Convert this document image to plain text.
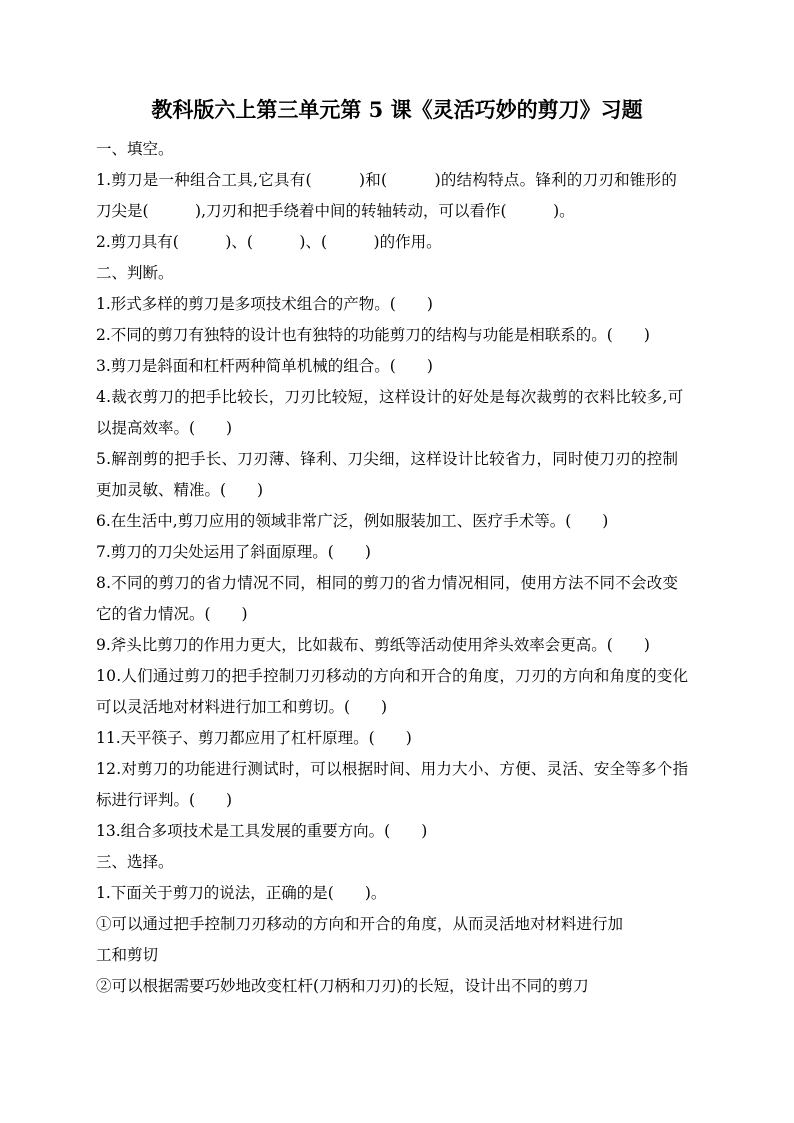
教科版六上第三单元第 5 课《灵活巧妙的剪刀》习题
一、填空。
1.剪刀是一种组合工具,它具有(　　　)和(　　　)的结构特点。锋利的刀刃和锥形的
刀尖是(　　　),刀刃和把手绕着中间的转轴转动，可以看作(　　　)。
2.剪刀具有(　　　)、(　　　)、(　　　)的作用。
二、判断。
1.形式多样的剪刀是多项技术组合的产物。(　　)
2.不同的剪刀有独特的设计也有独特的功能剪刀的结构与功能是相联系的。(　　)
3.剪刀是斜面和杠杆两种简单机械的组合。(　　)
4.裁衣剪刀的把手比较长，刀刃比较短，这样设计的好处是每次裁剪的衣料比较多,可
以提高效率。(　　)
5.解剖剪的把手长、刀刃薄、锋利、刀尖细，这样设计比较省力，同时使刀刃的控制
更加灵敏、精准。(　　)
6.在生活中,剪刀应用的领域非常广泛，例如服装加工、医疗手术等。(　　)
7.剪刀的刀尖处运用了斜面原理。(　　)
8.不同的剪刀的省力情况不同，相同的剪刀的省力情况相同，使用方法不同不会改变
它的省力情况。(　　)
9.斧头比剪刀的作用力更大，比如裁布、剪纸等活动使用斧头效率会更高。(　　)
10.人们通过剪刀的把手控制刀刃移动的方向和开合的角度，刀刃的方向和角度的变化
可以灵活地对材料进行加工和剪切。(　　)
11.天平筷子、剪刀都应用了杠杆原理。(　　)
12.对剪刀的功能进行测试时，可以根据时间、用力大小、方便、灵活、安全等多个指
标进行评判。(　　)
13.组合多项技术是工具发展的重要方向。(　　)
三、选择。
1.下面关于剪刀的说法，正确的是(　　)。
①可以通过把手控制刀刃移动的方向和开合的角度，从而灵活地对材料进行加
工和剪切
②可以根据需要巧妙地改变杠杆(刀柄和刀刃)的长短，设计出不同的剪刀
